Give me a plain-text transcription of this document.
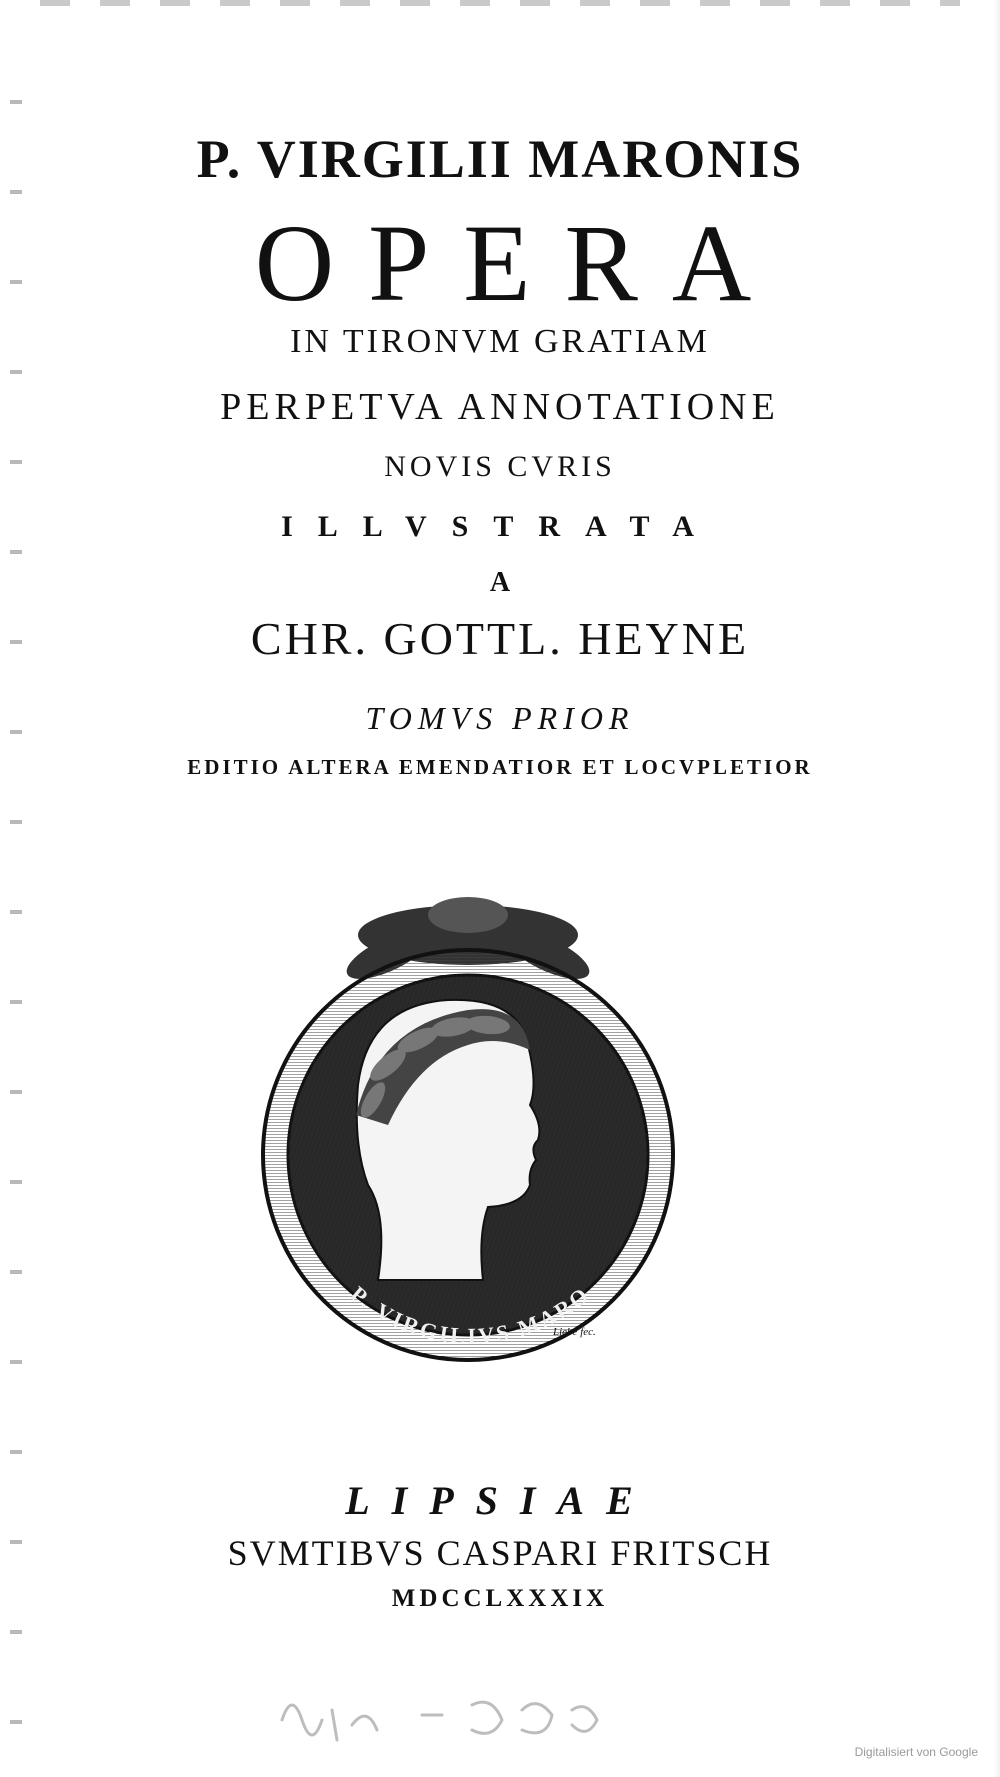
P. VIRGILII MARONIS
OPERA
IN TIRONVM GRATIAM
PERPETVA ANNOTATIONE
NOVIS CVRIS
ILLVSTRATA
A
CHR. GOTTL. HEYNE
TOMVS PRIOR
EDITIO ALTERA EMENDATIOR ET LOCVPLETIOR
P. VIRGILIVS MARO
Liebe fec.
LIPSIAE
SVMTIBVS CASPARI FRITSCH
MDCCLXXXIX
Digitalisiert von Google
